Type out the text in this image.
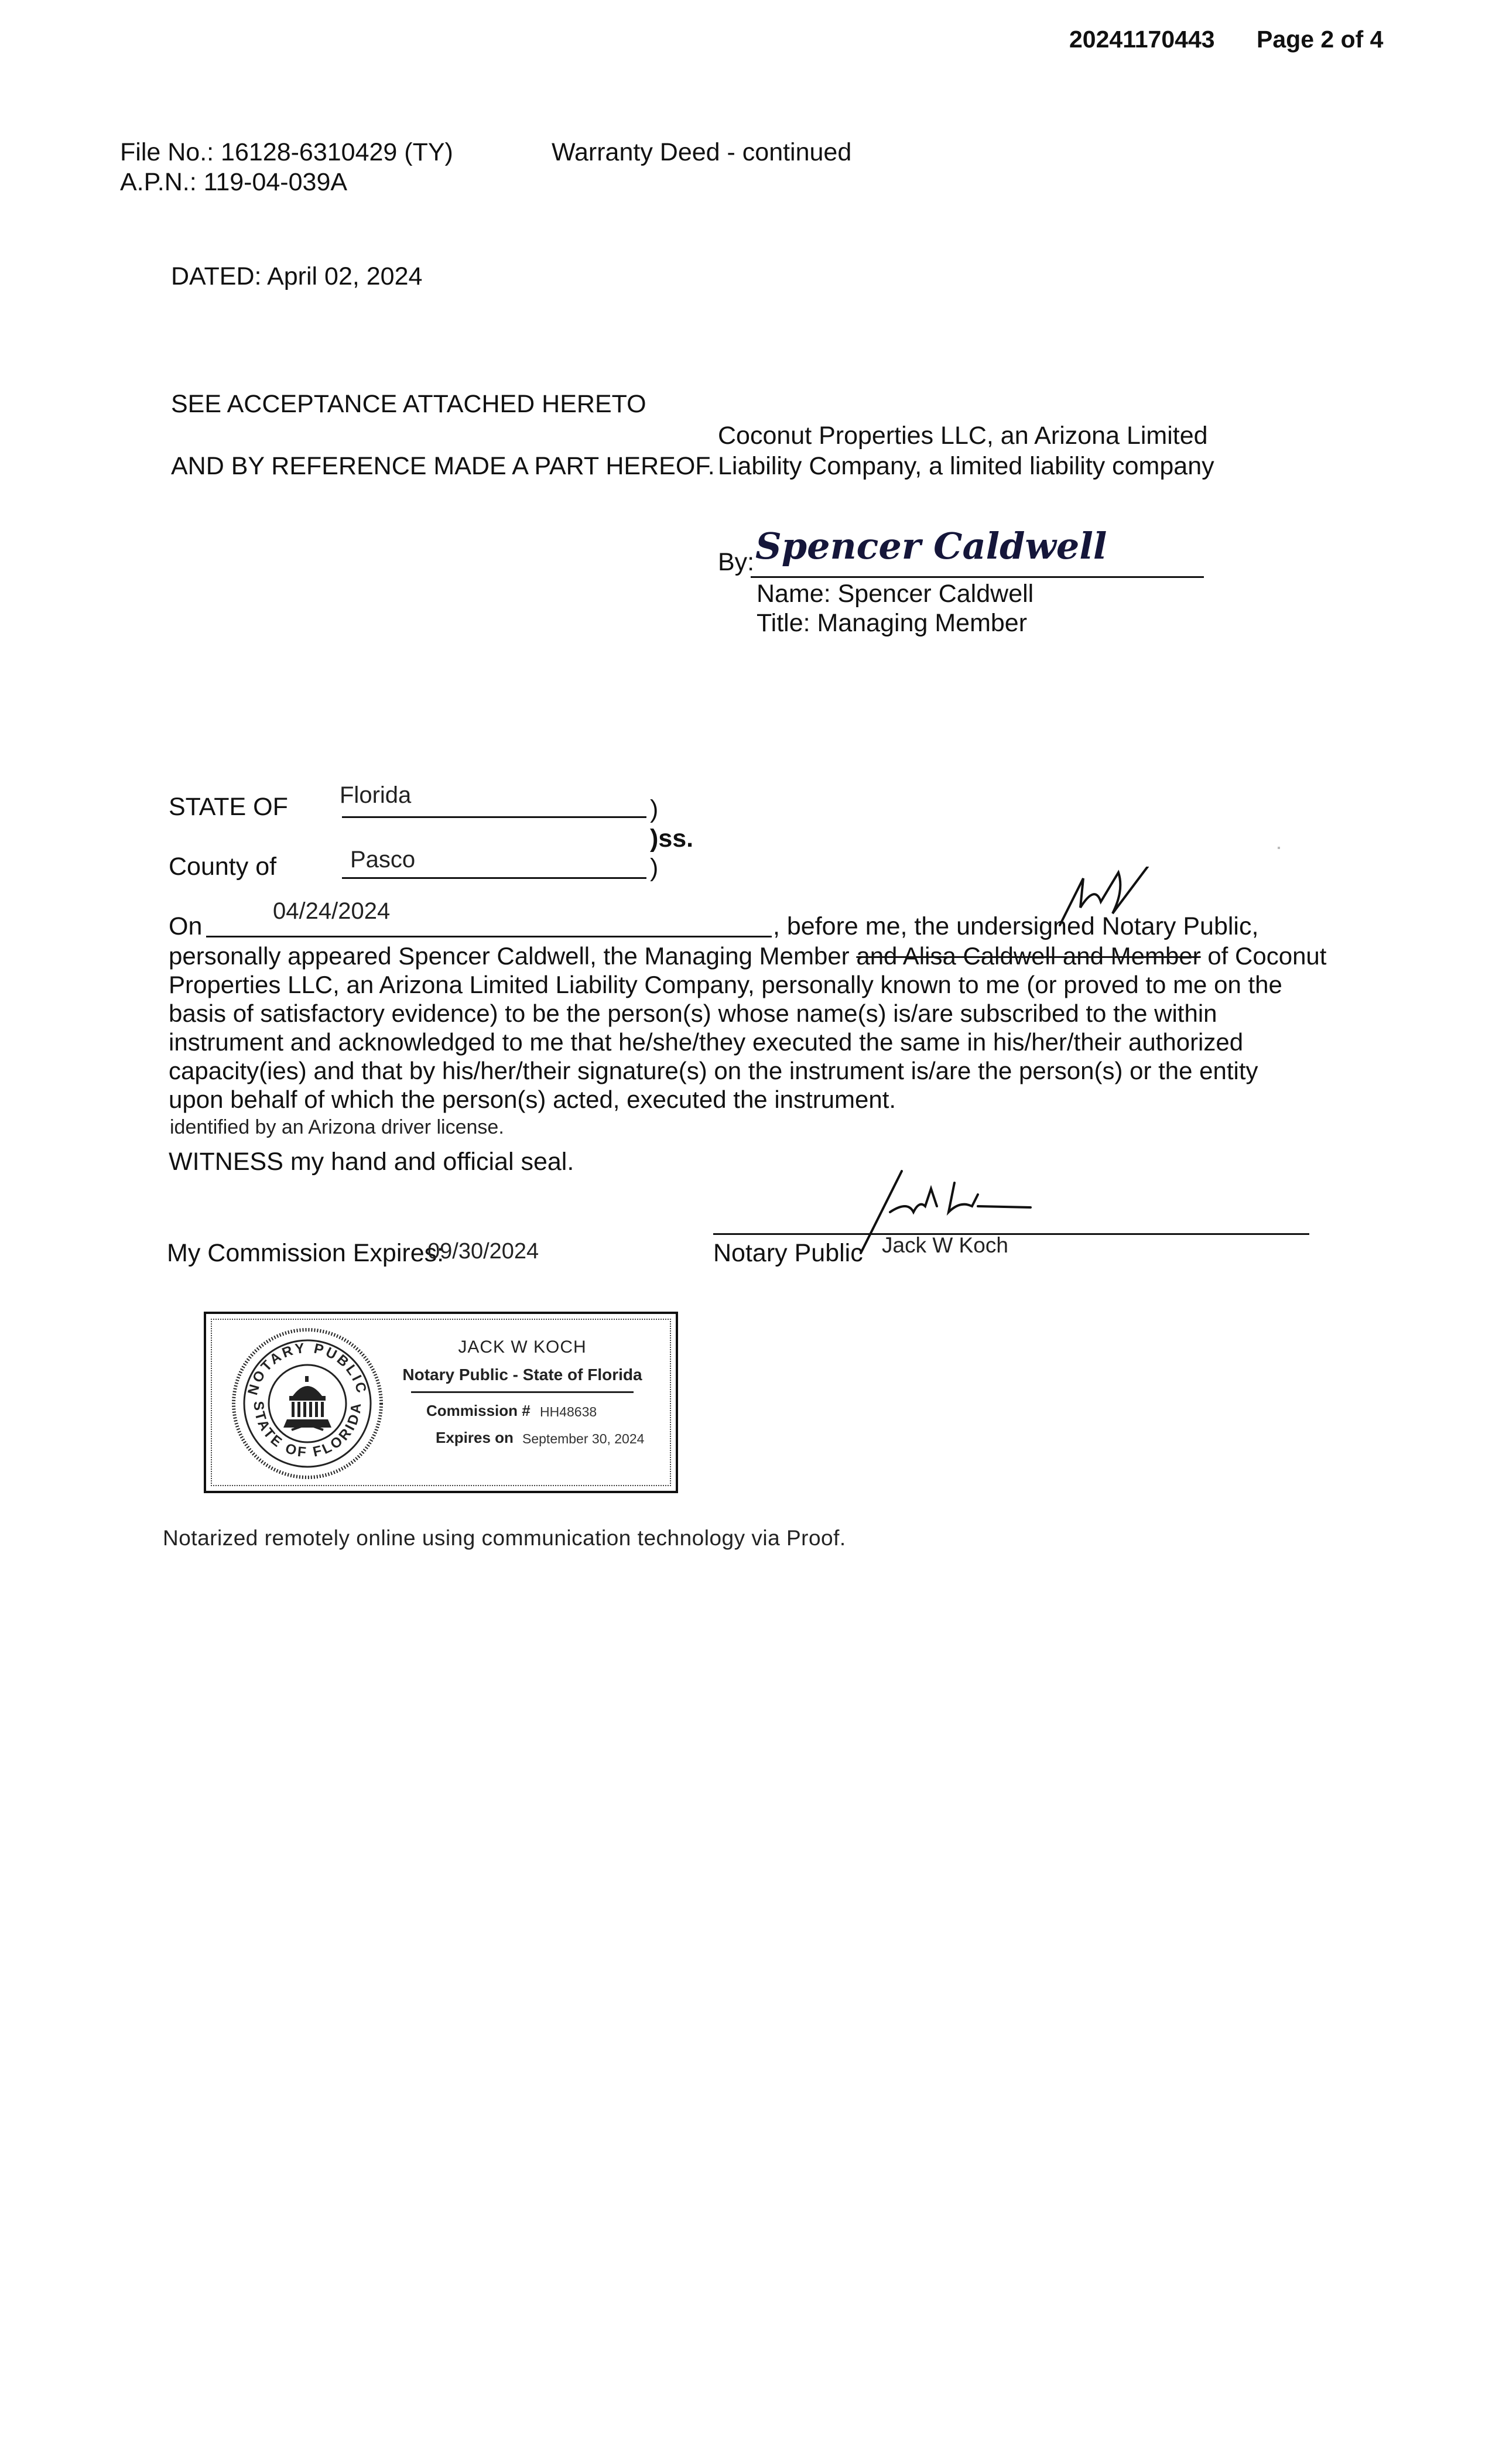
20241170443 Page 2 of 4
File No.: 16128-6310429 (TY)
A.P.N.: 119-04-039A
Warranty Deed - continued
DATED: April 02, 2024
SEE ACCEPTANCE ATTACHED HERETO
AND BY REFERENCE MADE A PART HEREOF.
Coconut Properties LLC, an Arizona Limited
Liability Company, a limited liability company
By: Spencer Caldwell
Name: Spencer Caldwell
Title: Managing Member
STATE OF Florida	)
)ss.
County of	Pasco	)
On
04/24/2024
, before me, the undersigned Notary Public,
personally appeared Spencer Caldwell, the Managing Member and Alisa Caldwell and Member of Coconut
Properties LLC, an Arizona Limited Liability Company, personally known to me (or proved to me on the
basis of satisfactory evidence) to be the person(s) whose name(s) is/are subscribed to the within
instrument and acknowledged to me that he/she/they executed the same in his/her/their authorized
capacity(ies) and that by his/her/their signature(s) on the instrument is/are the person(s) or the entity
upon behalf of which the person(s) acted, executed the instrument.
identified by an Arizona driver license.
WITNESS my hand and official seal.
Notary Public Jack W Koch
My Commission Expires:
09/30/2024
NOTARY PUBLIC
STATE OF FLORIDA
JACK W KOCH
Notary Public - State of Florida
Commission # HH48638
Expires on September 30, 2024
Notarized remotely online using communication technology via Proof.
